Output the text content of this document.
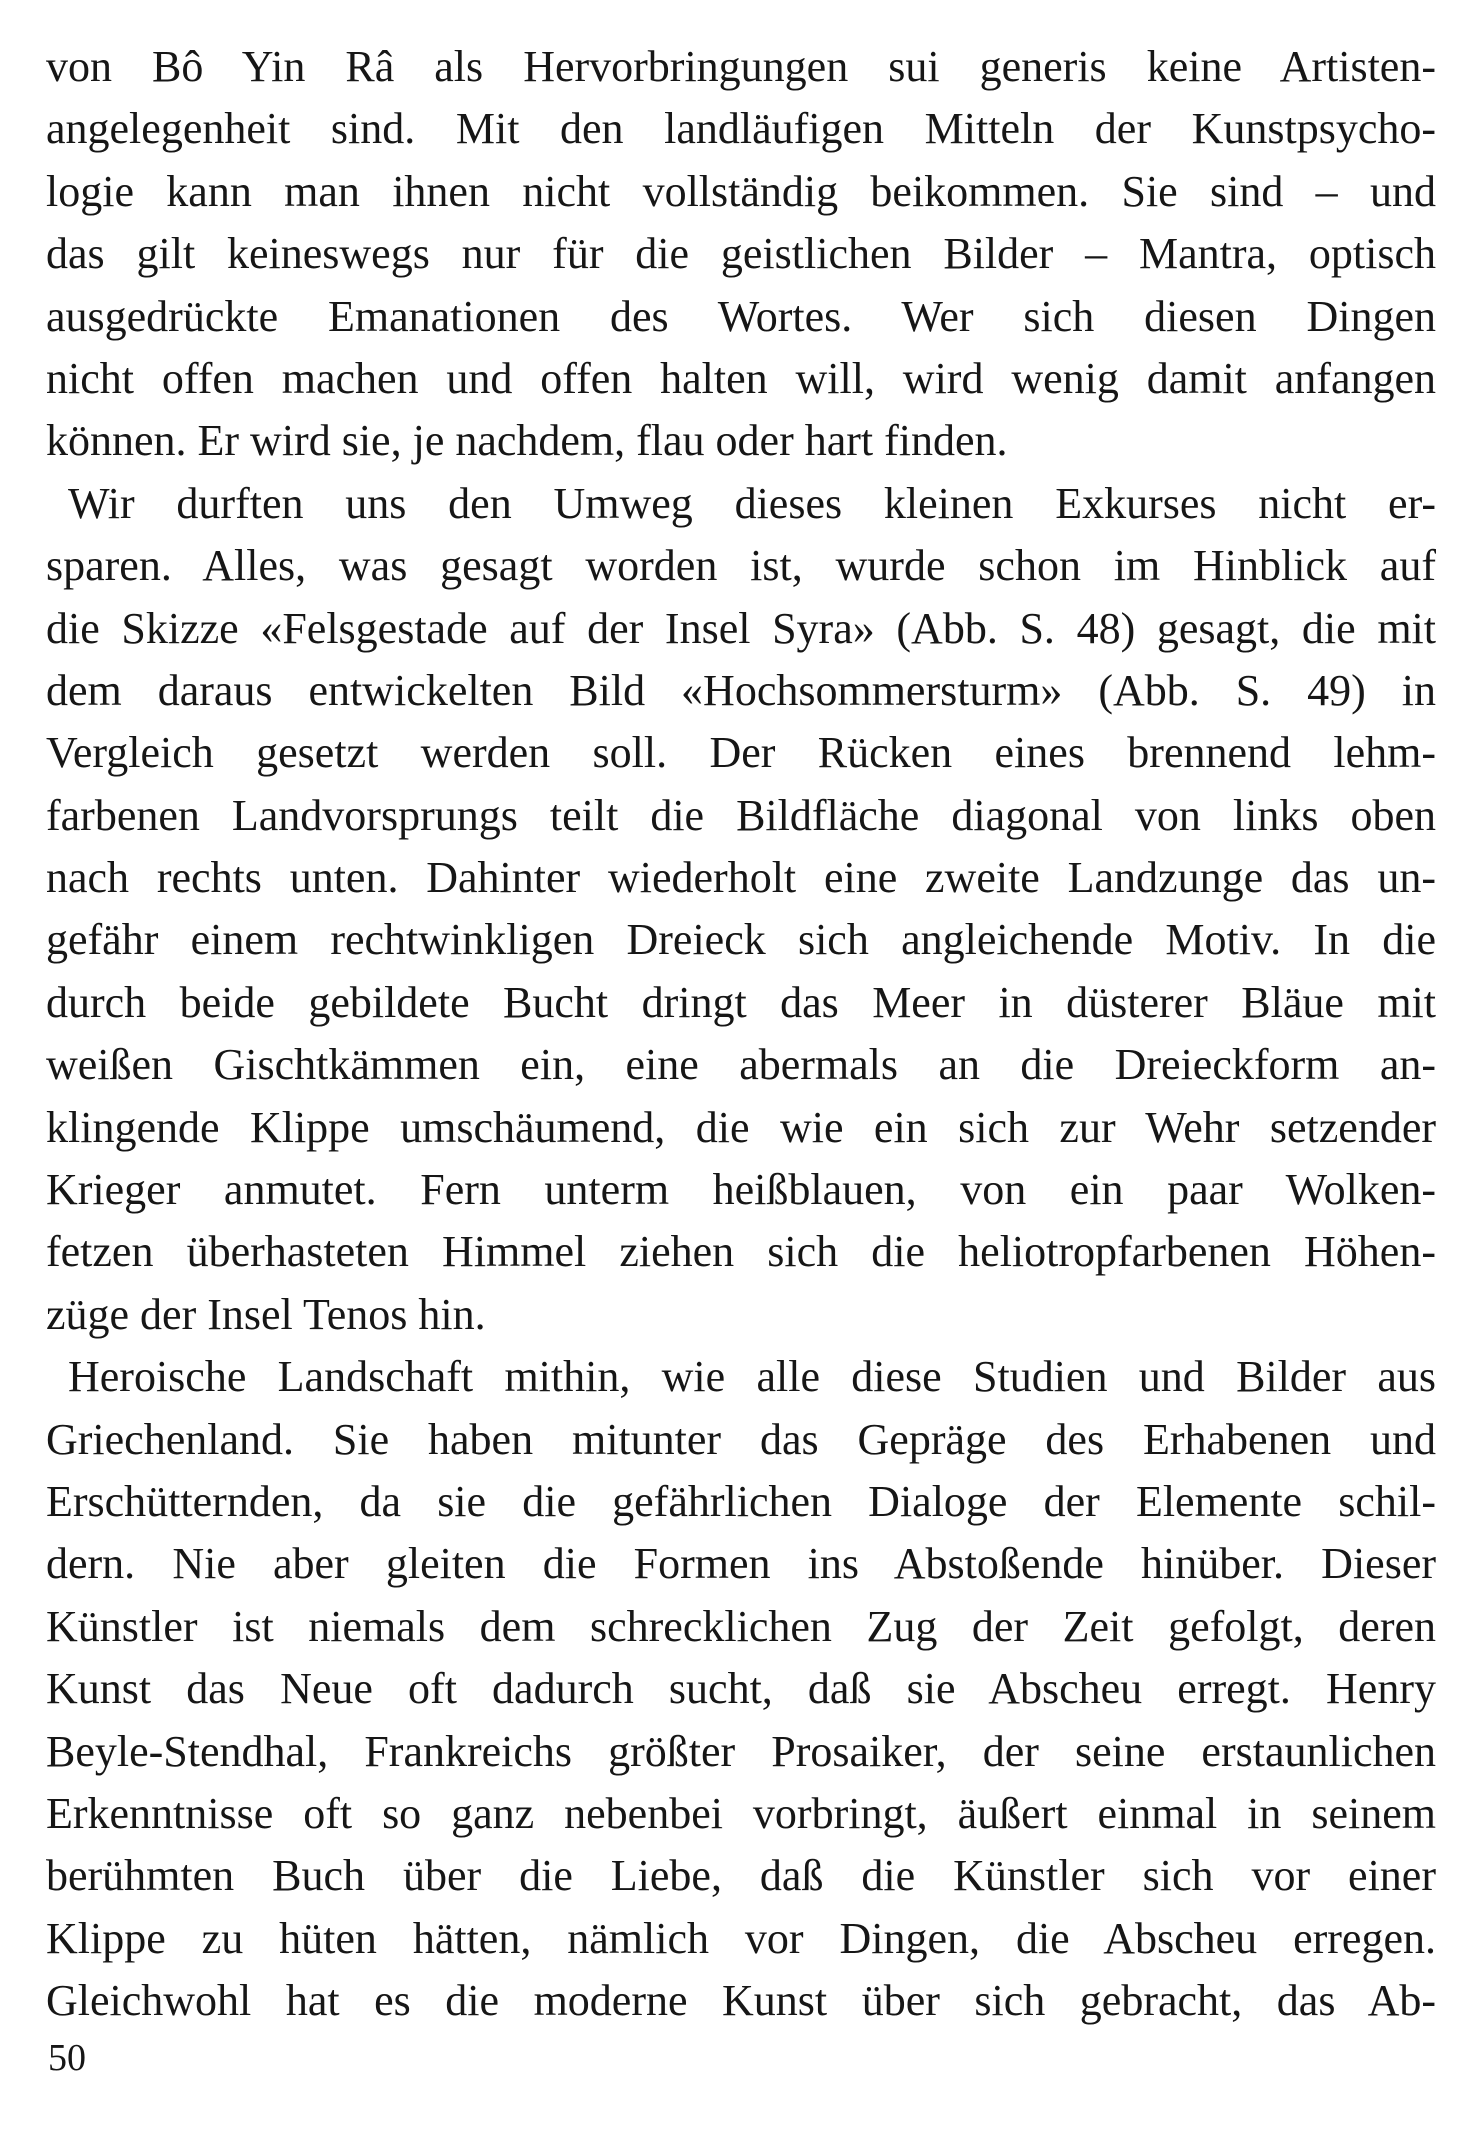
von Bô Yin Râ als Hervorbringungen sui generis keine Artisten-
angelegenheit sind. Mit den landläufigen Mitteln der Kunstpsycho-
logie kann man ihnen nicht vollständig beikommen. Sie sind – und
das gilt keineswegs nur für die geistlichen Bilder – Mantra, optisch
ausgedrückte Emanationen des Wortes. Wer sich diesen Dingen
nicht offen machen und offen halten will, wird wenig damit anfangen
können. Er wird sie, je nachdem, flau oder hart finden.
Wir durften uns den Umweg dieses kleinen Exkurses nicht er-
sparen. Alles, was gesagt worden ist, wurde schon im Hinblick auf
die Skizze «Felsgestade auf der Insel Syra» (Abb. S. 48) gesagt, die mit
dem daraus entwickelten Bild «Hochsommersturm» (Abb. S. 49) in
Vergleich gesetzt werden soll. Der Rücken eines brennend lehm-
farbenen Landvorsprungs teilt die Bildfläche diagonal von links oben
nach rechts unten. Dahinter wiederholt eine zweite Landzunge das un-
gefähr einem rechtwinkligen Dreieck sich angleichende Motiv. In die
durch beide gebildete Bucht dringt das Meer in düsterer Bläue mit
weißen Gischtkämmen ein, eine abermals an die Dreieckform an-
klingende Klippe umschäumend, die wie ein sich zur Wehr setzender
Krieger anmutet. Fern unterm heißblauen, von ein paar Wolken-
fetzen überhasteten Himmel ziehen sich die heliotropfarbenen Höhen-
züge der Insel Tenos hin.
Heroische Landschaft mithin, wie alle diese Studien und Bilder aus
Griechenland. Sie haben mitunter das Gepräge des Erhabenen und
Erschütternden, da sie die gefährlichen Dialoge der Elemente schil-
dern. Nie aber gleiten die Formen ins Abstoßende hinüber. Dieser
Künstler ist niemals dem schrecklichen Zug der Zeit gefolgt, deren
Kunst das Neue oft dadurch sucht, daß sie Abscheu erregt. Henry
Beyle-Stendhal, Frankreichs größter Prosaiker, der seine erstaunlichen
Erkenntnisse oft so ganz nebenbei vorbringt, äußert einmal in seinem
berühmten Buch über die Liebe, daß die Künstler sich vor einer
Klippe zu hüten hätten, nämlich vor Dingen, die Abscheu erregen.
Gleichwohl hat es die moderne Kunst über sich gebracht, das Ab-
50
